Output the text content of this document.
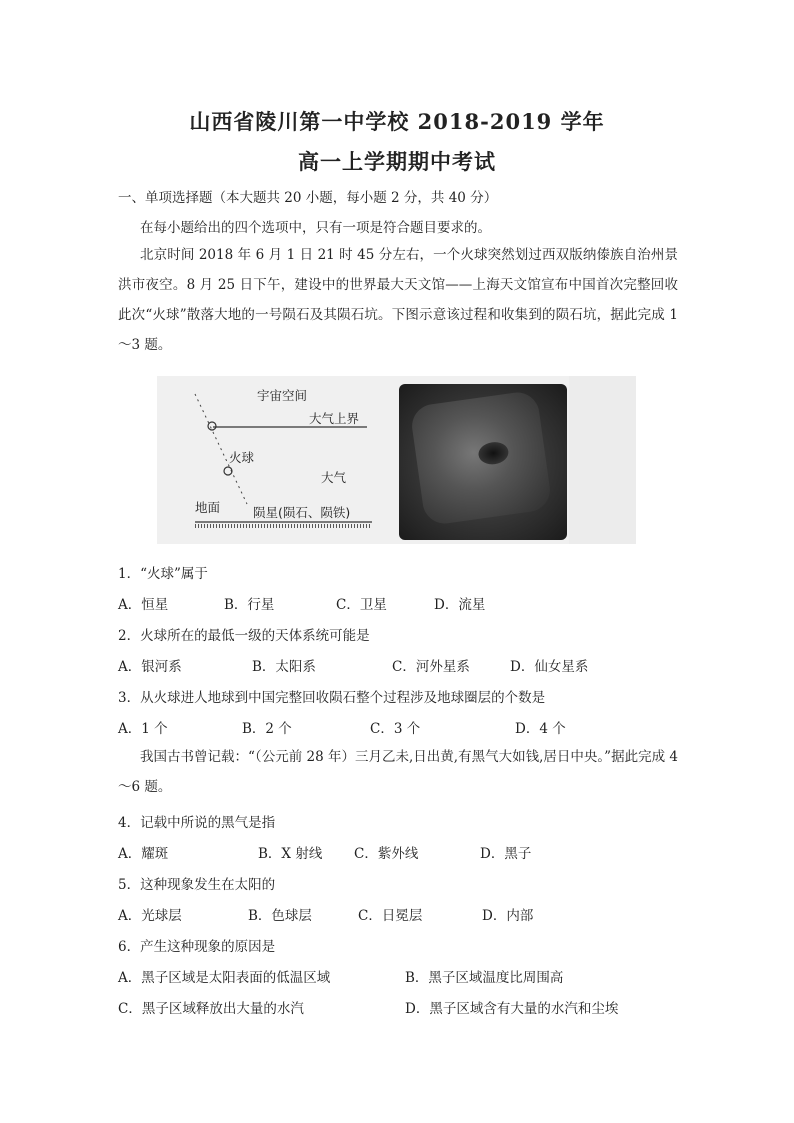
山西省陵川第一中学校 2018-2019 学年
高一上学期期中考试
一、单项选择题（本大题共 20 小题，每小题 2 分，共 40 分）
在每小题给出的四个选项中，只有一项是符合题目要求的。
北京时间 2018 年 6 月 1 日 21 时 45 分左右，一个火球突然划过西双版纳傣族自治州景洪市夜空。8 月 25 日下午，建设中的世界最大天文馆——上海天文馆宣布中国首次完整回收此次“火球”散落大地的一号陨石及其陨石坑。下图示意该过程和收集到的陨石坑，据此完成 1～3 题。
宇宙空间
大气上界
火球
大气
地面	陨星(陨石、陨铁)
1．“火球”属于
A．恒星	B．行星	C．卫星	D．流星
2．火球所在的最低一级的天体系统可能是
A．银河系	B．太阳系	C．河外星系	D．仙女星系
3．从火球进人地球到中国完整回收陨石整个过程涉及地球圈层的个数是
A．1 个	B．2 个	C．3 个	D．4 个
我国古书曾记载：“（公元前 28 年）三月乙未,日出黄,有黑气大如钱,居日中央。”据此完成 4～6 题。
4．记载中所说的黑气是指
A．耀斑	B．X 射线 C．紫外线	D．黑子
5．这种现象发生在太阳的
A．光球层	B．色球层	C．日冕层	D．内部
6．产生这种现象的原因是
A．黑子区域是太阳表面的低温区域	B．黑子区域温度比周围高
C．黑子区域释放出大量的水汽	D．黑子区域含有大量的水汽和尘埃
